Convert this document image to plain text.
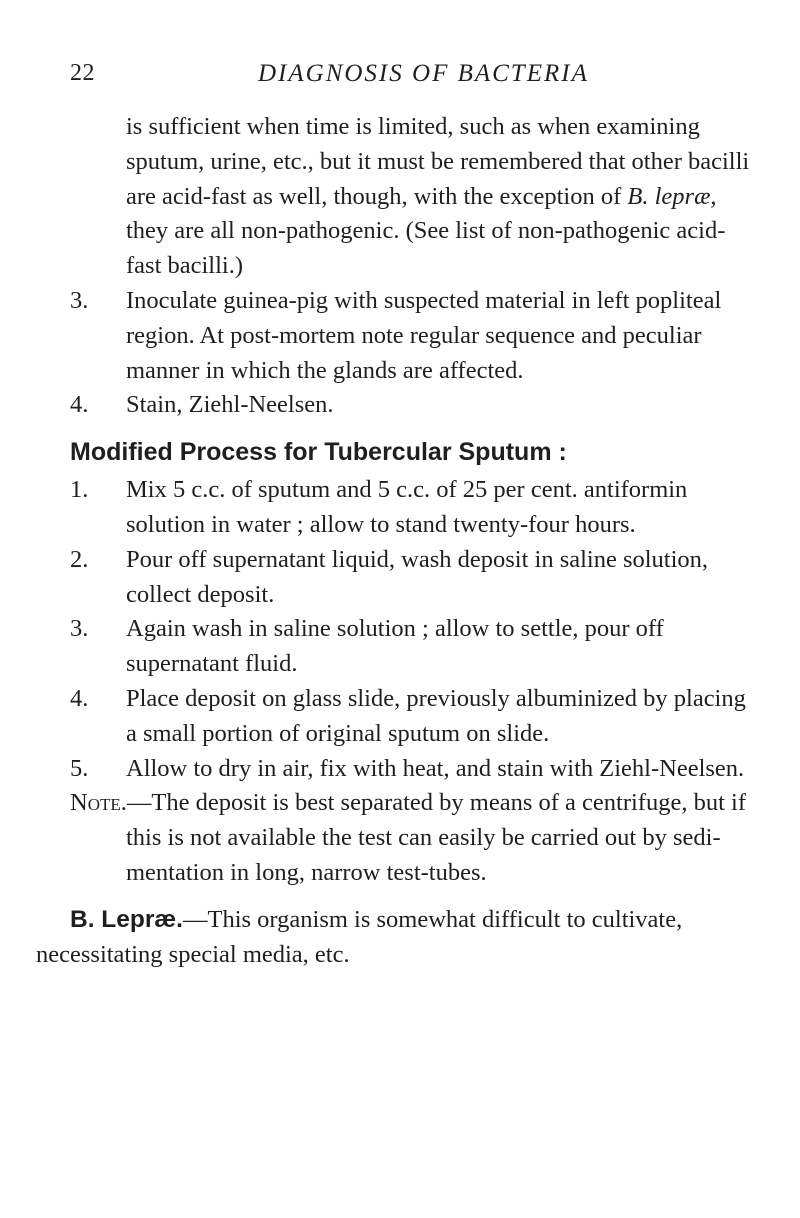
22	DIAGNOSIS OF BACTERIA

is sufficient when time is limited, such as when examining sputum, urine, etc., but it must be remembered that other bacilli are acid-fast as well, though, with the exception of B. lepræ, they are all non-pathogenic. (See list of non-pathogenic acid-fast bacilli.)

3. Inoculate guinea-pig with suspected material in left popliteal region. At post-mortem note regular sequence and peculiar manner in which the glands are affected.

4. Stain, Ziehl-Neelsen.

Modified Process for Tubercular Sputum :

1. Mix 5 c.c. of sputum and 5 c.c. of 25 per cent. antiformin solution in water ; allow to stand twenty-four hours.

2. Pour off supernatant liquid, wash deposit in saline solution, collect deposit.

3. Again wash in saline solution ; allow to settle, pour off supernatant fluid.

4. Place deposit on glass slide, previously albuminized by placing a small portion of original sputum on slide.

5. Allow to dry in air, fix with heat, and stain with Ziehl-Neelsen.

Note.—The deposit is best separated by means of a centrifuge, but if this is not available the test can easily be carried out by sedi-mentation in long, narrow test-tubes.

B. Lepræ.—This organism is somewhat difficult to cultivate, necessitating special media, etc.
